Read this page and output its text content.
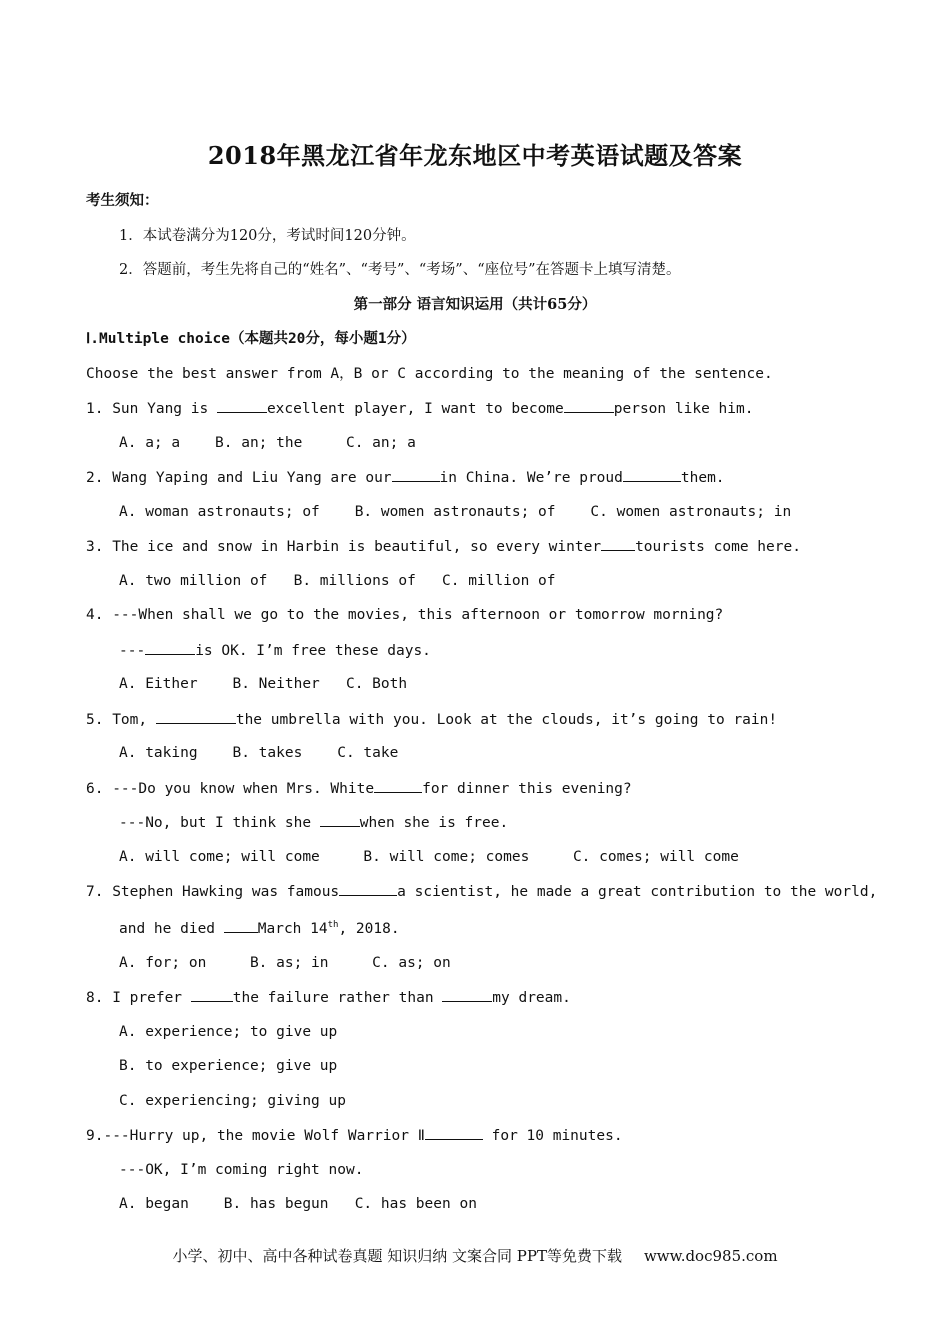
2018年黑龙江省年龙东地区中考英语试题及答案
考生须知：
1．本试卷满分为120分，考试时间120分钟。
2．答题前，考生先将自己的“姓名”、“考号”、“考场”、“座位号”在答题卡上填写清楚。
第一部分 语言知识运用（共计65分）
Ⅰ.Multiple choice（本题共20分，每小题1分）
Choose the best answer from A，B or C according to the meaning of the sentence.
1. Sun Yang is	excellent player, I want to become	person like him.
A. a; a    B. an; the     C. an; a
2. Wang Yaping and Liu Yang are our	in China. We’re proud	them.
A. woman astronauts; of    B. women astronauts; of    C. women astronauts; in
3. The ice and snow in Harbin is beautiful, so every winter tourists come here.
A. two million of   B. millions of   C. million of
4. ---When shall we go to the movies, this afternoon or tomorrow morning?
---	is OK. I’m free these days.
A. Either    B. Neither   C. Both
5. Tom,	the umbrella with you. Look at the clouds, it’s going to rain!
A. taking    B. takes    C. take
6. ---Do you know when Mrs. White	for dinner this evening?
---No, but I think she	when she is free.
A. will come; will come     B. will come; comes     C. comes; will come
7. Stephen Hawking was famous	a scientist, he made a great contribution to the world,
and he died March 14th, 2018.
A. for; on     B. as; in     C. as; on
8. I prefer	the failure rather than	my dream.
A. experience; to give up
B. to experience; give up
C. experiencing; giving up
9.---Hurry up, the movie Wolf Warrior Ⅱ	for 10 minutes.
---OK, I’m coming right now.
A. began    B. has begun   C. has been on
小学、初中、高中各种试卷真题 知识归纳 文案合同 PPT等免费下载 www.doc985.com
